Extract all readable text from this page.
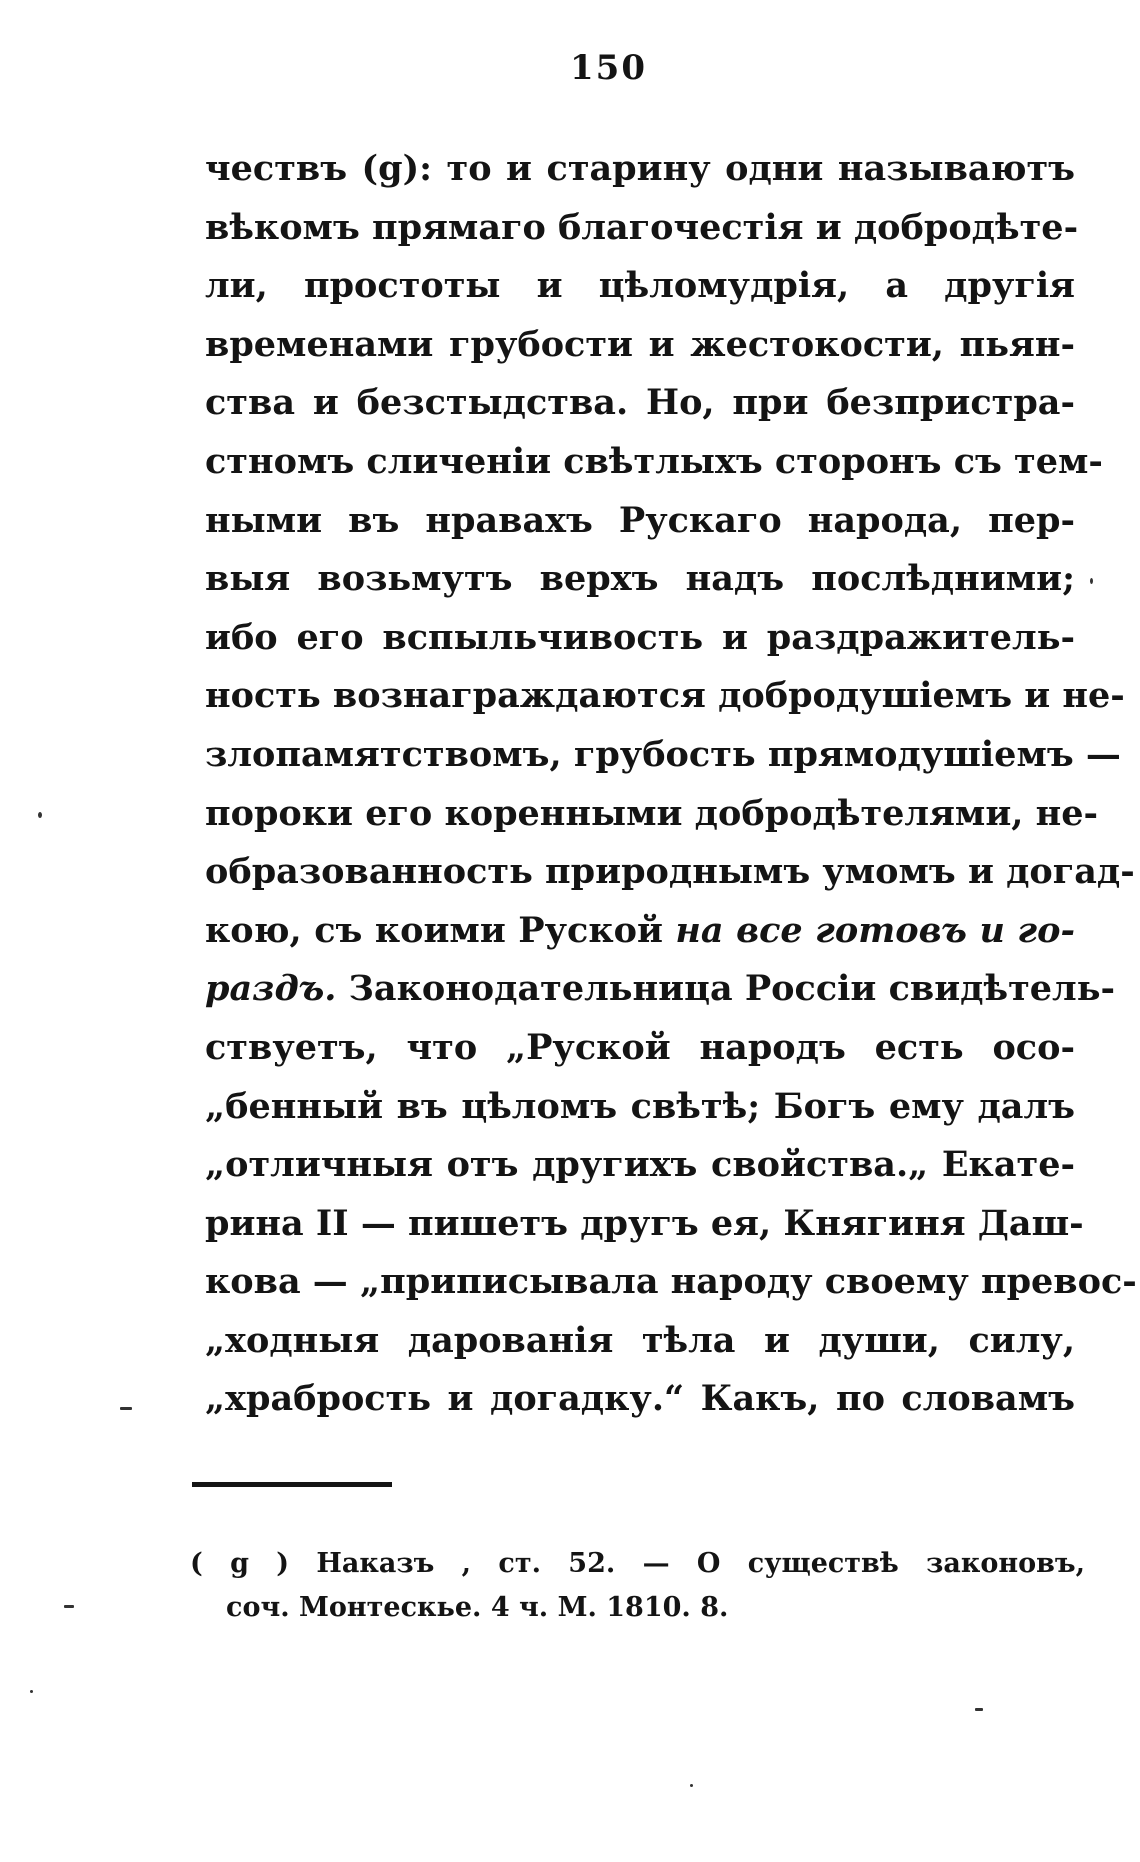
150
чествъ (g): то и старину одни называютъ
вѣкомъ прямаго благочестія и добродѣте-
ли, простоты и цѣломудрія, а другія
временами грубости и жестокости, пьян-
ства и безстыдства. Но, при безпристра-
стномъ сличеніи свѣтлыхъ сторонъ съ тем-
ными въ нравахъ Рускаго народа, пер-
выя возьмутъ верхъ надъ послѣдними;
ибо его вспыльчивость и раздражитель-
ность вознаграждаются добродушіемъ и не-
злопамятствомъ, грубость прямодушіемъ —
пороки его коренными добродѣтелями, не-
образованность природнымъ умомъ и догад-
кою, съ коими Руской на все готовъ и го-
раздъ. Законодательница Россіи свидѣтель-
ствуетъ, что „Руской народъ есть осо-
„бенный въ цѣломъ свѣтѣ; Богъ ему далъ
„отличныя отъ другихъ свойства.„ Екате-
рина II — пишетъ другъ ея, Княгиня Даш-
кова — „приписывала народу своему превос-
„ходныя дарованія тѣла и души, силу,
„храбрость и догадку.“ Какъ, по словамъ
( g ) Наказъ , ст. 52. — О существѣ законовъ,
соч. Монтескье. 4 ч. М. 1810. 8.
